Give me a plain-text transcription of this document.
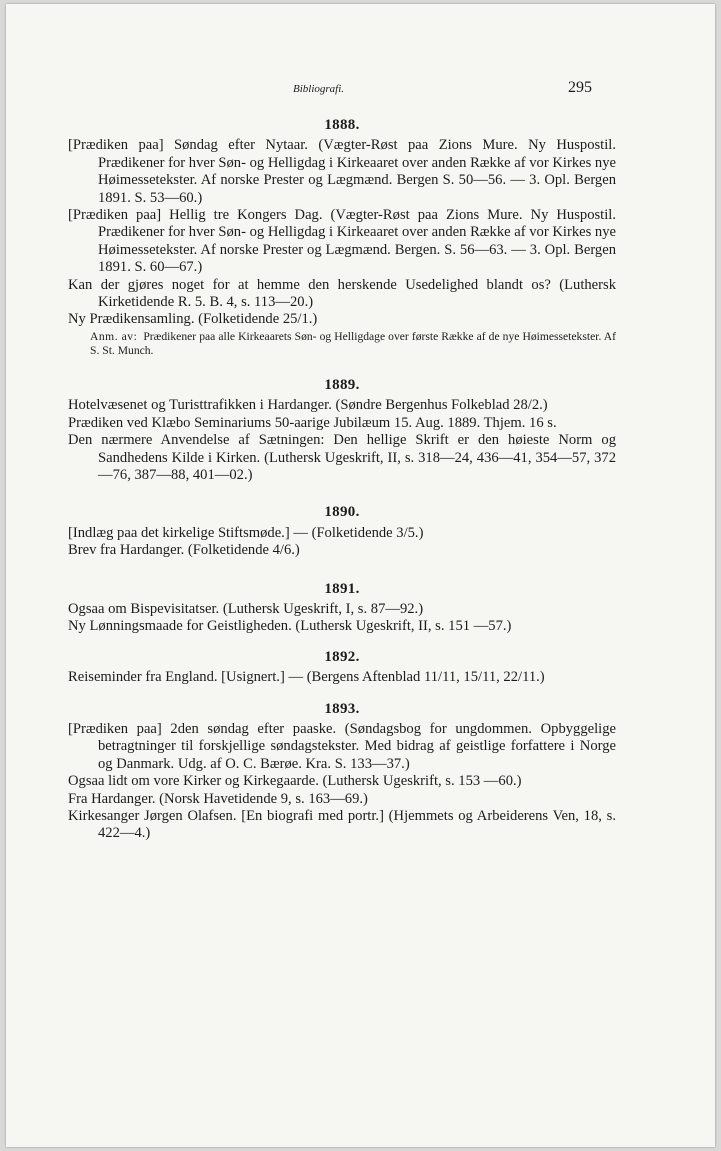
Bibliografi.	295
1888.

[Prædiken paa] Søndag efter Nytaar. (Vægter-Røst paa Zions Mure. Ny Huspostil. Prædikener for hver Søn- og Helligdag i Kirkeaaret over anden Række af vor Kirkes nye Høimessetekster. Af norske Prester og Lægmænd. Bergen S. 50—56. — 3. Opl. Bergen 1891. S. 53—60.)

[Prædiken paa] Hellig tre Kongers Dag. (Vægter-Røst paa Zions Mure. Ny Huspostil. Prædikener for hver Søn- og Helligdag i Kirkeaaret over anden Række af vor Kirkes nye Høimessetekster. Af norske Prester og Lægmænd. Bergen. S. 56—63. — 3. Opl. Bergen 1891. S. 60—67.)

Kan der gjøres noget for at hemme den herskende Usedelighed blandt os? (Luthersk Kirketidende R. 5. B. 4, s. 113—20.)

Ny Prædikensamling. (Folketidende 25/1.)

Anm. av: Prædikener paa alle Kirkeaarets Søn- og Helligdage over første Række af de nye Høimessetekster. Af S. St. Munch.

1889.

Hotelvæsenet og Turisttrafikken i Hardanger. (Søndre Bergenhus Folkeblad 28/2.)

Prædiken ved Klæbo Seminariums 50-aarige Jubilæum 15. Aug. 1889. Thjem. 16 s.

Den nærmere Anvendelse af Sætningen: Den hellige Skrift er den høieste Norm og Sandhedens Kilde i Kirken. (Luthersk Ugeskrift, II, s. 318—24, 436—41, 354—57, 372—76, 387—88, 401—02.)

1890.

[Indlæg paa det kirkelige Stiftsmøde.] — (Folketidende 3/5.)

Brev fra Hardanger. (Folketidende 4/6.)

1891.

Ogsaa om Bispevisitatser. (Luthersk Ugeskrift, I, s. 87—92.)

Ny Lønningsmaade for Geistligheden. (Luthersk Ugeskrift, II, s. 151 —57.)

1892.

Reiseminder fra England. [Usignert.] — (Bergens Aftenblad 11/11, 15/11, 22/11.)

1893.

[Prædiken paa] 2den søndag efter paaske. (Søndagsbog for ungdommen. Opbyggelige betragtninger til forskjellige søndagstekster. Med bidrag af geistlige forfattere i Norge og Danmark. Udg. af O. C. Bærøe. Kra. S. 133—37.)

Ogsaa lidt om vore Kirker og Kirkegaarde. (Luthersk Ugeskrift, s. 153 —60.)

Fra Hardanger. (Norsk Havetidende 9, s. 163—69.)

Kirkesanger Jørgen Olafsen. [En biografi med portr.] (Hjemmets og Arbeiderens Ven, 18, s. 422—4.)
